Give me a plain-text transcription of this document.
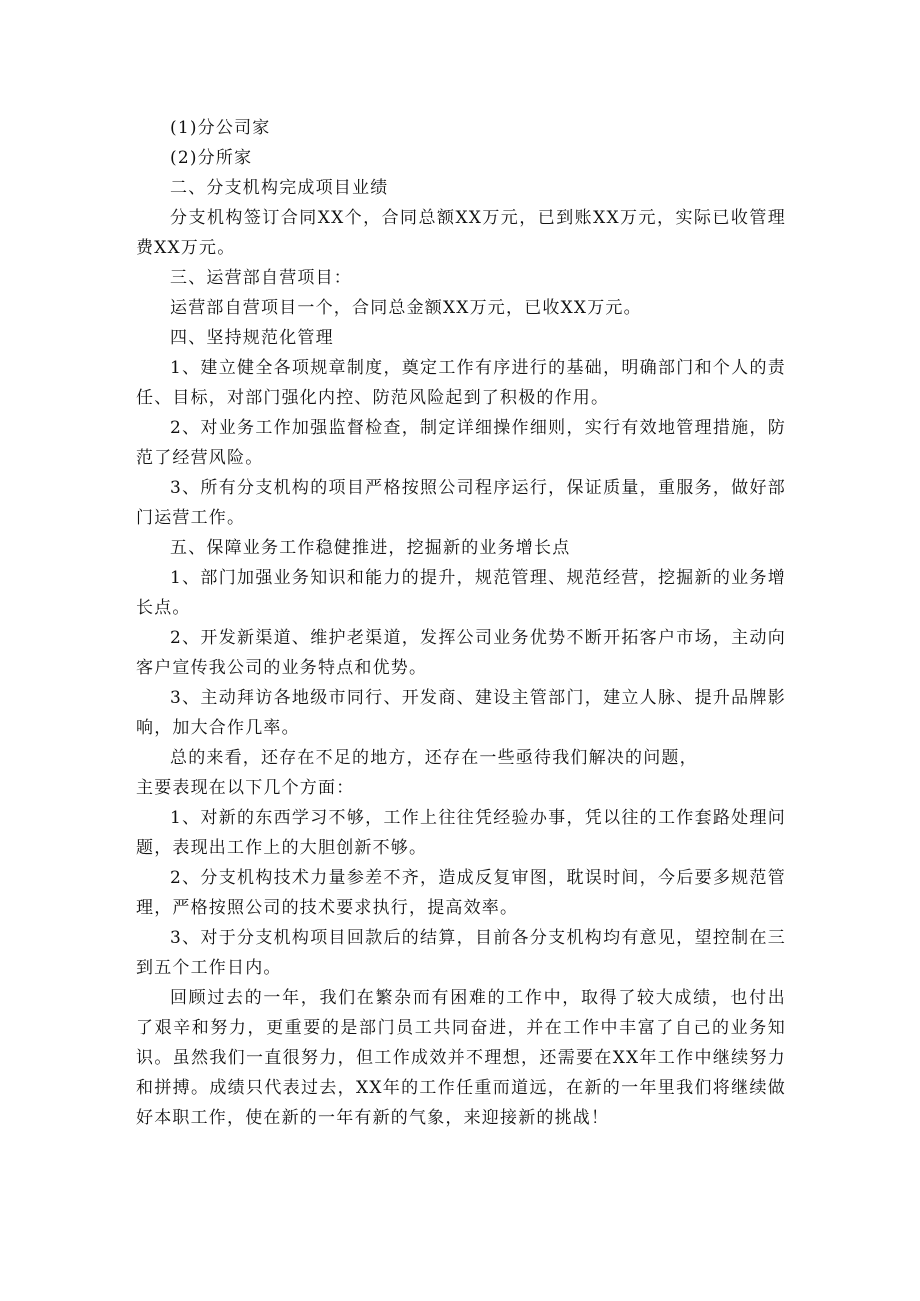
(1)分公司家

(2)分所家

二、分支机构完成项目业绩

分支机构签订合同XX个，合同总额XX万元，已到账XX万元，实际已收管理费XX万元。

三、运营部自营项目：

运营部自营项目一个，合同总金额XX万元，已收XX万元。

四、坚持规范化管理

1、建立健全各项规章制度，奠定工作有序进行的基础，明确部门和个人的责任、目标，对部门强化内控、防范风险起到了积极的作用。

2、对业务工作加强监督检查，制定详细操作细则，实行有效地管理措施，防范了经营风险。

3、所有分支机构的项目严格按照公司程序运行，保证质量，重服务，做好部门运营工作。

五、保障业务工作稳健推进，挖掘新的业务增长点

1、部门加强业务知识和能力的提升，规范管理、规范经营，挖掘新的业务增长点。

2、开发新渠道、维护老渠道，发挥公司业务优势不断开拓客户市场，主动向客户宣传我公司的业务特点和优势。

3、主动拜访各地级市同行、开发商、建设主管部门，建立人脉、提升品牌影响，加大合作几率。

总的来看，还存在不足的地方，还存在一些亟待我们解决的问题，

主要表现在以下几个方面：

1、对新的东西学习不够，工作上往往凭经验办事，凭以往的工作套路处理问题，表现出工作上的大胆创新不够。

2、分支机构技术力量参差不齐，造成反复审图，耽误时间，今后要多规范管理，严格按照公司的技术要求执行，提高效率。

3、对于分支机构项目回款后的结算，目前各分支机构均有意见，望控制在三到五个工作日内。

回顾过去的一年，我们在繁杂而有困难的工作中，取得了较大成绩，也付出了艰辛和努力，更重要的是部门员工共同奋进，并在工作中丰富了自己的业务知识。虽然我们一直很努力，但工作成效并不理想，还需要在XX年工作中继续努力和拼搏。成绩只代表过去，XX年的工作任重而道远，在新的一年里我们将继续做好本职工作，使在新的一年有新的气象，来迎接新的挑战！
